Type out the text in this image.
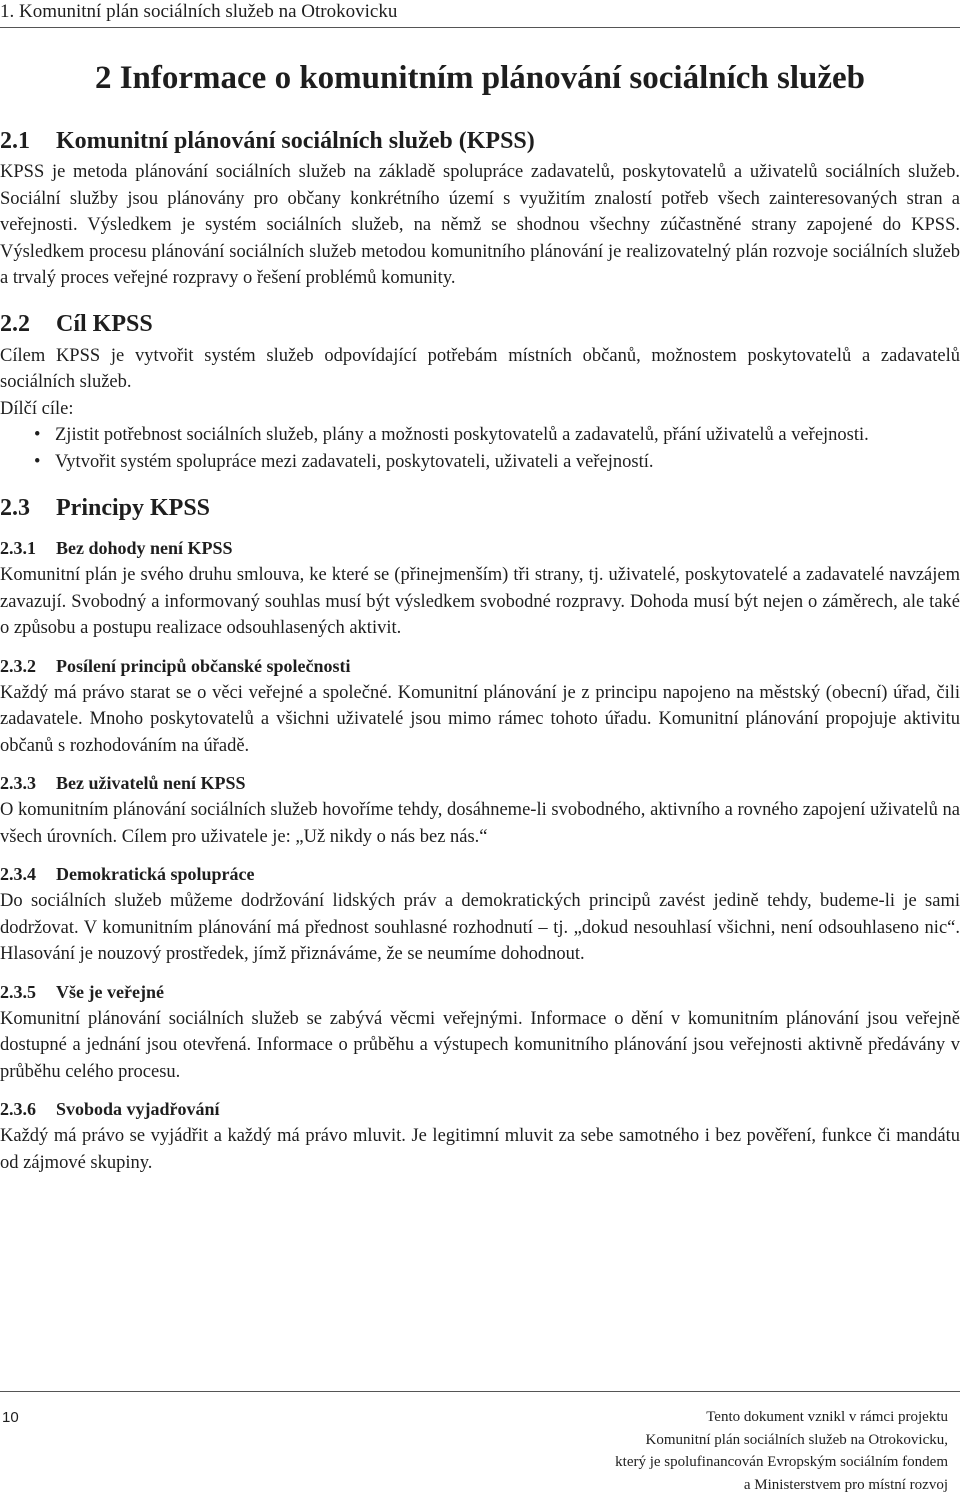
1. Komunitní plán sociálních služeb na Otrokovicku
2 Informace o komunitním plánování sociálních služeb
2.1 Komunitní plánování sociálních služeb (KPSS)

KPSS je metoda plánování sociálních služeb na základě spolupráce zadavatelů, poskytovatelů a uživatelů sociálních služeb. Sociální služby jsou plánovány pro občany konkrétního území s využitím znalostí potřeb všech zainteresovaných stran a veřejnosti. Výsledkem je systém sociálních služeb, na němž se shodnou všechny zúčastněné strany zapojené do KPSS. Výsledkem procesu plánování sociálních služeb metodou komunitního plánování je realizovatelný plán rozvoje sociálních služeb a trvalý proces veřejné rozpravy o řešení problémů komunity.

2.2 Cíl KPSS

Cílem KPSS je vytvořit systém služeb odpovídající potřebám místních občanů, možnostem poskytovatelů a zadavatelů sociálních služeb.

Dílčí cíle:

• Zjistit potřebnost sociálních služeb, plány a možnosti poskytovatelů a zadavatelů, přání uživatelů a veřejnosti.
• Vytvořit systém spolupráce mezi zadavateli, poskytovateli, uživateli a veřejností.
2.3 Principy KPSS
2.3.1 Bez dohody není KPSS

Komunitní plán je svého druhu smlouva, ke které se (přinejmenším) tři strany, tj. uživatelé, poskytovatelé a zadavatelé navzájem zavazují. Svobodný a informovaný souhlas musí být výsledkem svobodné rozpravy. Dohoda musí být nejen o záměrech, ale také o způsobu a postupu realizace odsouhlasených aktivit.

2.3.2 Posílení principů občanské společnosti

Každý má právo starat se o věci veřejné a společné. Komunitní plánování je z principu napojeno na městský (obecní) úřad, čili zadavatele. Mnoho poskytovatelů a všichni uživatelé jsou mimo rámec tohoto úřadu. Komunitní plánování propojuje aktivitu občanů s rozhodováním na úřadě.

2.3.3 Bez uživatelů není KPSS

O komunitním plánování sociálních služeb hovoříme tehdy, dosáhneme-li svobodného, aktivního a rovného zapojení uživatelů na všech úrovních. Cílem pro uživatele je: „Už nikdy o nás bez nás.“

2.3.4 Demokratická spolupráce

Do sociálních služeb můžeme dodržování lidských práv a demokratických principů zavést jedině tehdy, budeme-li je sami dodržovat. V komunitním plánování má přednost souhlasné rozhodnutí – tj. „dokud nesouhlasí všichni, není odsouhlaseno nic“. Hlasování je nouzový prostředek, jímž přiznáváme, že se neumíme dohodnout.

2.3.5 Vše je veřejné

Komunitní plánování sociálních služeb se zabývá věcmi veřejnými. Informace o dění v komunitním plánování jsou veřejně dostupné a jednání jsou otevřená. Informace o průběhu a výstupech komunitního plánování jsou veřejnosti aktivně předávány v průběhu celého procesu.

2.3.6 Svoboda vyjadřování

Každý má právo se vyjádřit a každý má právo mluvit. Je legitimní mluvit za sebe samotného i bez pověření, funkce či mandátu od zájmové skupiny.

10	Tento dokument vznikl v rámci projektu
Komunitní plán sociálních služeb na Otrokovicku,
který je spolufinancován Evropským sociálním fondem
a Ministerstvem pro místní rozvoj
